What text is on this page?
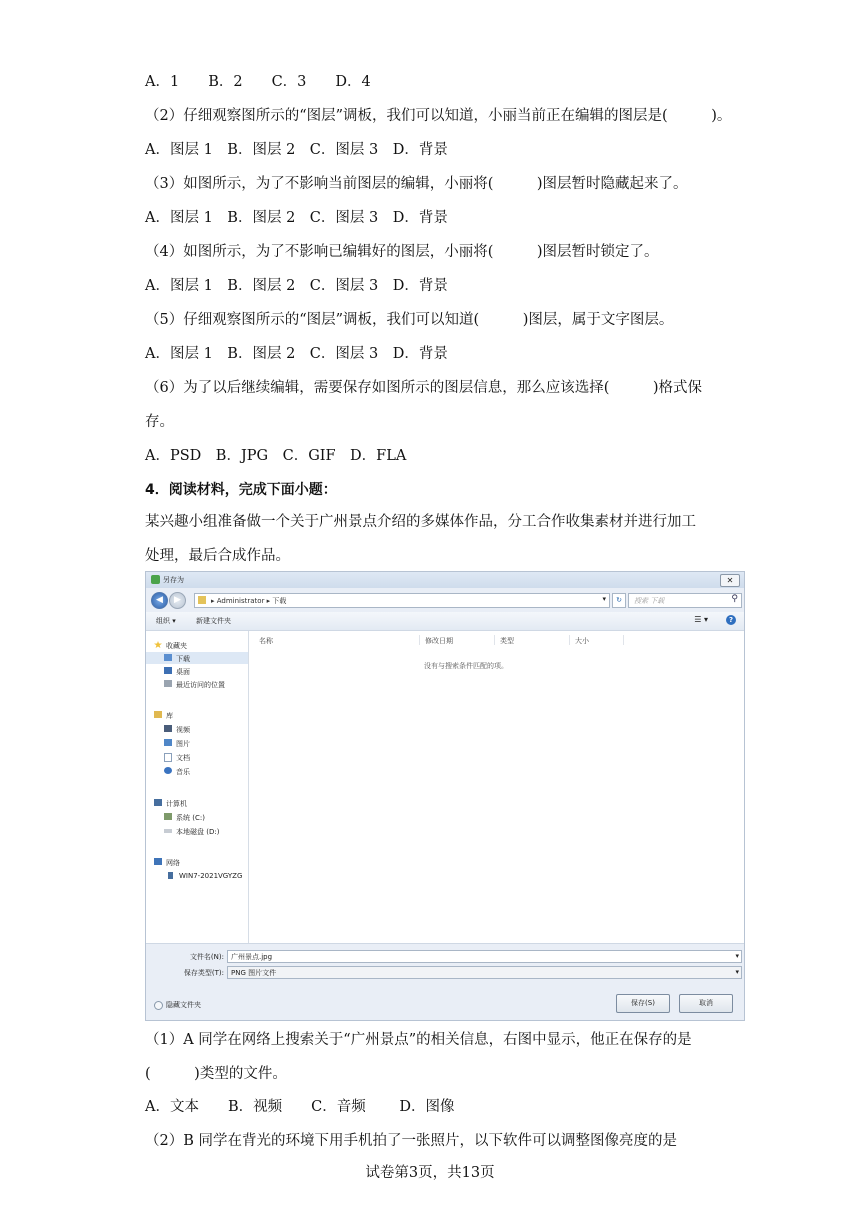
A．1　　B．2　　C．3　　D．4
（2）仔细观察图所示的“图层”调板，我们可以知道，小丽当前正在编辑的图层是(　　　)。
A．图层 1　B．图层 2　C．图层 3　D．背景
（3）如图所示，为了不影响当前图层的编辑，小丽将(　　　)图层暂时隐藏起来了。
A．图层 1　B．图层 2　C．图层 3　D．背景
（4）如图所示，为了不影响已编辑好的图层，小丽将(　　　)图层暂时锁定了。
A．图层 1　B．图层 2　C．图层 3　D．背景
（5）仔细观察图所示的“图层”调板，我们可以知道(　　　)图层，属于文字图层。
A．图层 1　B．图层 2　C．图层 3　D．背景
（6）为了以后继续编辑，需要保存如图所示的图层信息，那么应该选择(　　　)格式保
存。
A．PSD　B．JPG　C．GIF　D．FLA
4．阅读材料，完成下面小题：
某兴趣小组准备做一个关于广州景点介绍的多媒体作品，分工合作收集素材并进行加工
处理，最后合成作品。
另存为	✕
◀	▶	▸ Administrator ▸ 下载	▾	↻	搜索 下载	⚲
组织 ▾	新建文件夹	☰ ▾	?
收藏夹
下载
桌面
最近访问的位置
库
视频
图片
文档
音乐
计算机
系统 (C:)
本地磁盘 (D:)
网络
WIN7-2021VGYZG
名称	修改日期	类型	大小
没有与搜索条件匹配的项。
文件名(N): 广州景点.jpg	▾
保存类型(T): PNG 图片文件	▾
隐藏文件夹	保存(S)	取消
（1）A 同学在网络上搜索关于“广州景点”的相关信息，右图中显示，他正在保存的是
(　　　)类型的文件。
A．文本　　B．视频　　C．音频　　 D．图像
（2）B 同学在背光的环境下用手机拍了一张照片，以下软件可以调整图像亮度的是
试卷第3页，共13页
